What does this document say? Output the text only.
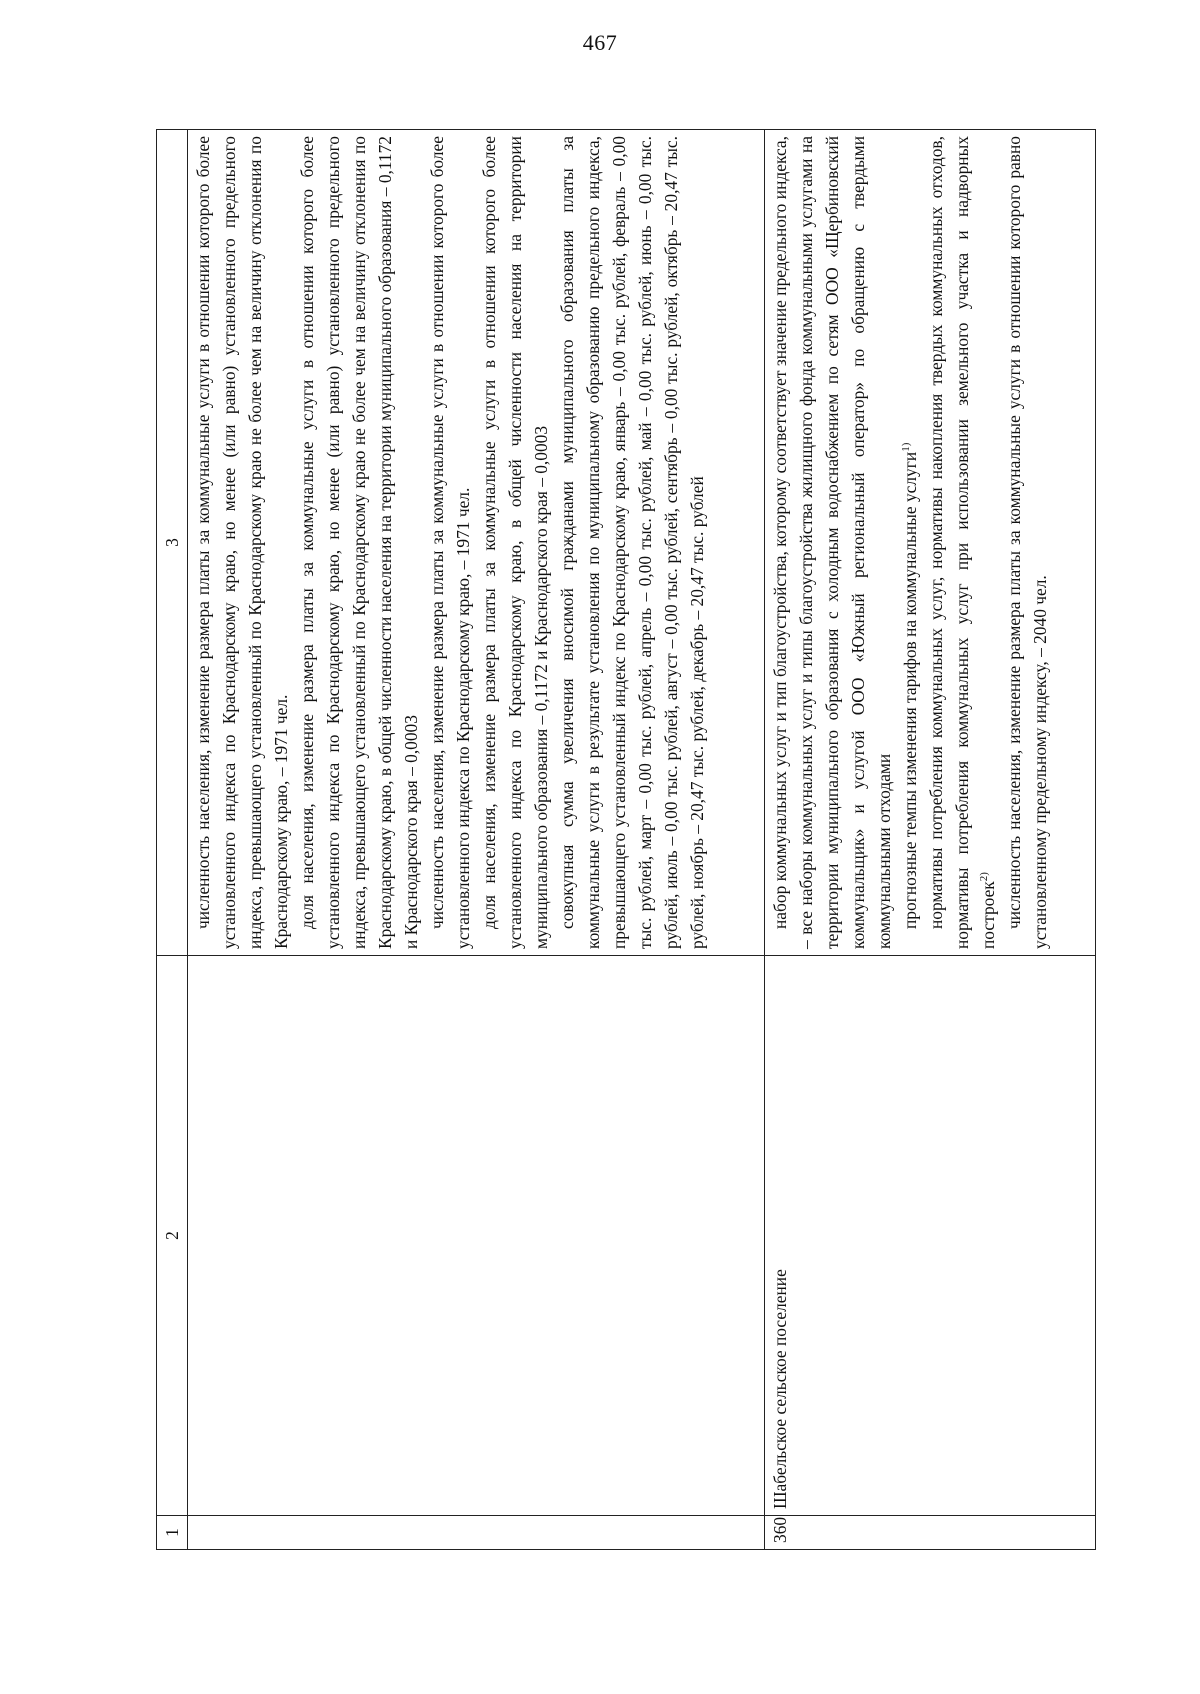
467
1	2	3

		численность населения, изменение размера платы за коммунальные услуги в отношении которого более установленного индекса по Краснодарскому краю, но менее (или равно) установленного предельного индекса, превышающего установленный по Краснодарскому краю не более чем на величину отклонения по Краснодарскому краю, – 1971 чел. доля населения, изменение размера платы за коммунальные услуги в отношении которого более установленного индекса по Краснодарскому краю, но менее (или равно) установленного предельного индекса, превышающего установленный по Краснодарскому краю не более чем на величину отклонения по Краснодарскому краю, в общей численности населения на территории муниципального образования – 0,1172 и Краснодарского края – 0,0003 численность населения, изменение размера платы за коммунальные услуги в отношении которого более установленного индекса по Краснодарскому краю, – 1971 чел. доля населения, изменение размера платы за коммунальные услуги в отношении которого более установленного индекса по Краснодарскому краю, в общей численности населения на территории муниципального образования – 0,1172 и Краснодарского края – 0,0003 совокупная сумма увеличения вносимой гражданами муниципального образования платы за коммунальные услуги в результате установления по муниципальному образованию предельного индекса, превышающего установленный индекс по Краснодарскому краю, январь – 0,00 тыс. рублей, февраль – 0,00 тыс. рублей, март – 0,00 тыс. рублей, апрель – 0,00 тыс. рублей, май – 0,00 тыс. рублей, июнь – 0,00 тыс. рублей, июль – 0,00 тыс. рублей, август – 0,00 тыс. рублей, сентябрь – 0,00 тыс. рублей, октябрь – 20,47 тыс. рублей, ноябрь – 20,47 тыс. рублей, декабрь – 20,47 тыс. рублей

360	Шабельское сельское поселение	набор коммунальных услуг и тип благоустройства, которому соответствует значение предельного индекса, – все наборы коммунальных услуг и типы благоустройства жилищного фонда коммунальными услугами на территории муниципального образования с холодным водоснабжением по сетям ООО «Щербиновский коммунальщик» и услугой ООО «Южный региональный оператор» по обращению с твердыми коммунальными отходами прогнозные темпы изменения тарифов на коммунальные услуги$^{1)}$ нормативы потребления коммунальных услуг, нормативы накопления твердых коммунальных отходов, нормативы потребления коммунальных услуг при использовании земельного участка и надворных построек$^{2)}$ численность населения, изменение размера платы за коммунальные услуги в отношении которого равно установленному предельному индексу, – 2040 чел.
